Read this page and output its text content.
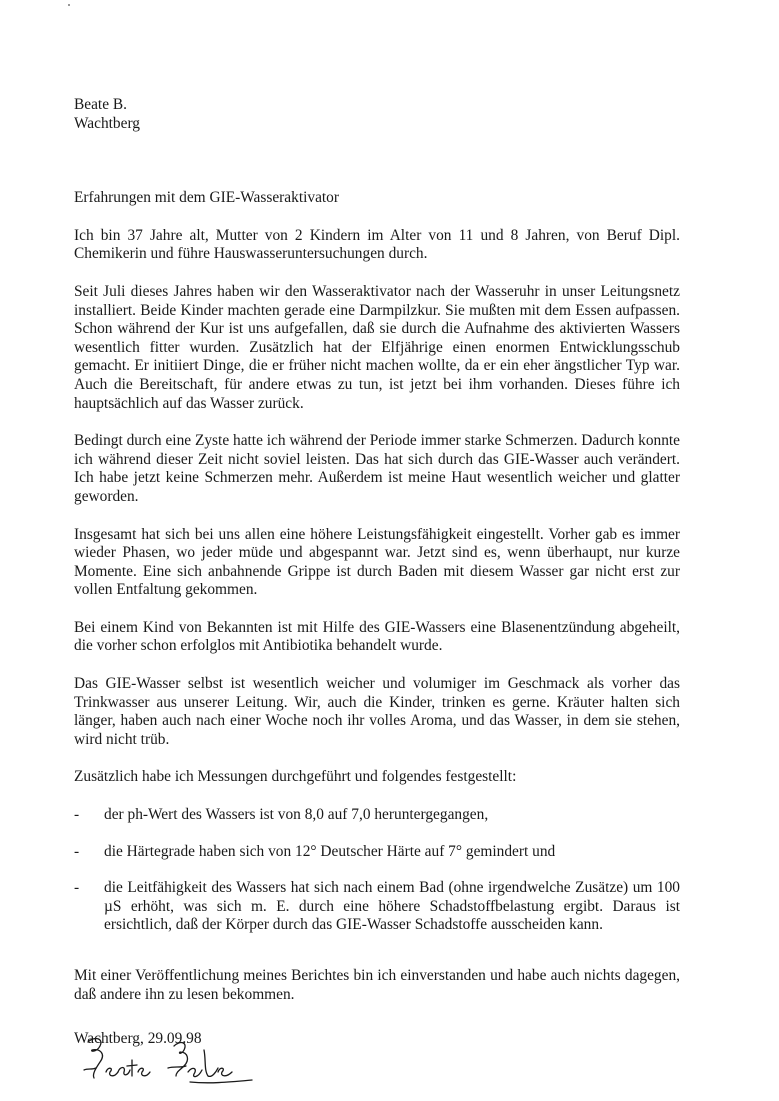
Beate B.
Wachtberg
Erfahrungen mit dem GIE-Wasseraktivator
Ich bin 37 Jahre alt, Mutter von 2 Kindern im Alter von 11 und 8 Jahren, von Beruf Dipl. Chemikerin und führe Hauswasseruntersuchungen durch.
Seit Juli dieses Jahres haben wir den Wasseraktivator nach der Wasseruhr in unser Leitungsnetz installiert. Beide Kinder machten gerade eine Darmpilzkur. Sie mußten mit dem Essen aufpassen. Schon während der Kur ist uns aufgefallen, daß sie durch die Aufnahme des aktivierten Wassers wesentlich fitter wurden. Zusätzlich hat der Elfjährige einen enormen Entwicklungsschub gemacht. Er initiiert Dinge, die er früher nicht machen wollte, da er ein eher ängstlicher Typ war. Auch die Bereitschaft, für andere etwas zu tun, ist jetzt bei ihm vorhanden. Dieses führe ich hauptsächlich auf das Wasser zurück.
Bedingt durch eine Zyste hatte ich während der Periode immer starke Schmerzen. Dadurch konnte ich während dieser Zeit nicht soviel leisten. Das hat sich durch das GIE-Wasser auch verändert. Ich habe jetzt keine Schmerzen mehr. Außerdem ist meine Haut wesentlich weicher und glatter geworden.
Insgesamt hat sich bei uns allen eine höhere Leistungsfähigkeit eingestellt. Vorher gab es immer wieder Phasen, wo jeder müde und abgespannt war. Jetzt sind es, wenn überhaupt, nur kurze Momente. Eine sich anbahnende Grippe ist durch Baden mit diesem Wasser gar nicht erst zur vollen Entfaltung gekommen.
Bei einem Kind von Bekannten ist mit Hilfe des GIE-Wassers eine Blasenentzündung abgeheilt, die vorher schon erfolglos mit Antibiotika behandelt wurde.
Das GIE-Wasser selbst ist wesentlich weicher und volumiger im Geschmack als vorher das Trinkwasser aus unserer Leitung. Wir, auch die Kinder, trinken es gerne. Kräuter halten sich länger, haben auch nach einer Woche noch ihr volles Aroma, und das Wasser, in dem sie stehen, wird nicht trüb.
Zusätzlich habe ich Messungen durchgeführt und folgendes festgestellt:
- der ph-Wert des Wassers ist von 8,0 auf 7,0 heruntergegangen,
- die Härtegrade haben sich von 12° Deutscher Härte auf 7° gemindert und
- die Leitfähigkeit des Wassers hat sich nach einem Bad (ohne irgendwelche Zusätze) um 100 µS erhöht, was sich m. E. durch eine höhere Schadstoffbelastung ergibt. Daraus ist ersichtlich, daß der Körper durch das GIE-Wasser Schadstoffe ausscheiden kann.
Mit einer Veröffentlichung meines Berichtes bin ich einverstanden und habe auch nichts dagegen, daß andere ihn zu lesen bekommen.
Wachtberg, 29.09.98
